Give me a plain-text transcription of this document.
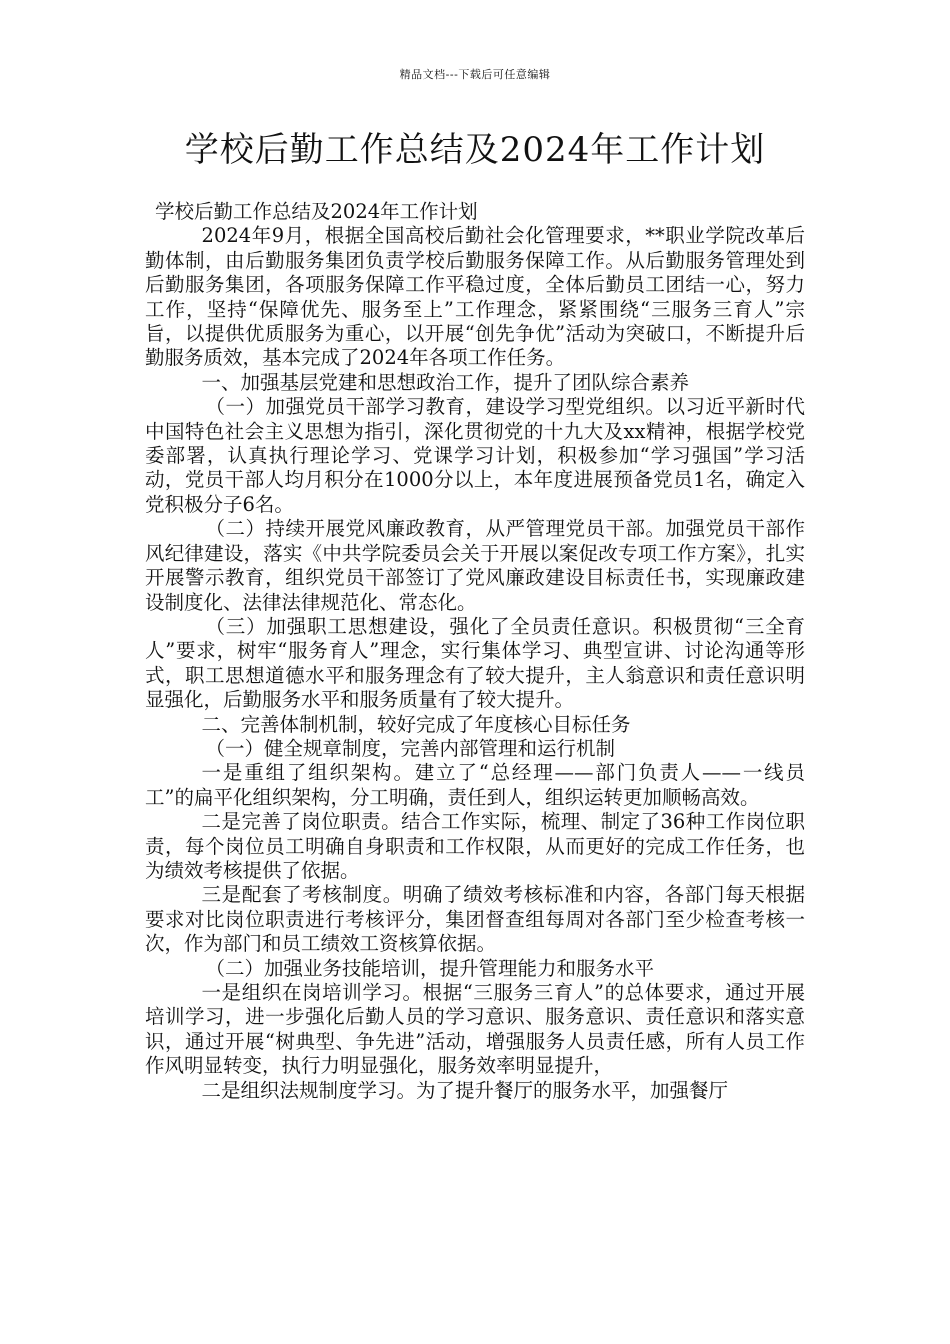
精品文档---下载后可任意编辑
学校后勤工作总结及2024年工作计划

学校后勤工作总结及2024年工作计划

2024年9月，根据全国高校后勤社会化管理要求，**职业学院改革后勤体制，由后勤服务集团负责学校后勤服务保障工作。从后勤服务管理处到后勤服务集团，各项服务保障工作平稳过度，全体后勤员工团结一心，努力工作，坚持“保障优先、服务至上”工作理念，紧紧围绕“三服务三育人”宗旨，以提供优质服务为重心，以开展“创先争优”活动为突破口，不断提升后勤服务质效，基本完成了2024年各项工作任务。

一、加强基层党建和思想政治工作，提升了团队综合素养

（一）加强党员干部学习教育，建设学习型党组织。以习近平新时代中国特色社会主义思想为指引，深化贯彻党的十九大及xx精神，根据学校党委部署，认真执行理论学习、党课学习计划，积极参加“学习强国”学习活动，党员干部人均月积分在1000分以上，本年度进展预备党员1名，确定入党积极分子6名。

（二）持续开展党风廉政教育，从严管理党员干部。加强党员干部作风纪律建设，落实《中共学院委员会关于开展以案促改专项工作方案》，扎实开展警示教育，组织党员干部签订了党风廉政建设目标责任书，实现廉政建设制度化、法律法律规范化、常态化。

（三）加强职工思想建设，强化了全员责任意识。积极贯彻“三全育人”要求，树牢“服务育人”理念，实行集体学习、典型宣讲、讨论沟通等形式，职工思想道德水平和服务理念有了较大提升，主人翁意识和责任意识明显强化，后勤服务水平和服务质量有了较大提升。

二、完善体制机制，较好完成了年度核心目标任务

（一）健全规章制度，完善内部管理和运行机制

一是重组了组织架构。建立了“总经理——部门负责人——一线员工”的扁平化组织架构，分工明确，责任到人，组织运转更加顺畅高效。

二是完善了岗位职责。结合工作实际，梳理、制定了36种工作岗位职责，每个岗位员工明确自身职责和工作权限，从而更好的完成工作任务，也为绩效考核提供了依据。

三是配套了考核制度。明确了绩效考核标准和内容，各部门每天根据要求对比岗位职责进行考核评分，集团督查组每周对各部门至少检查考核一次，作为部门和员工绩效工资核算依据。

（二）加强业务技能培训，提升管理能力和服务水平

一是组织在岗培训学习。根据“三服务三育人”的总体要求，通过开展培训学习，进一步强化后勤人员的学习意识、服务意识、责任意识和落实意识，通过开展“树典型、争先进”活动，增强服务人员责任感，所有人员工作作风明显转变，执行力明显强化，服务效率明显提升，

二是组织法规制度学习。为了提升餐厅的服务水平，加强餐厅
